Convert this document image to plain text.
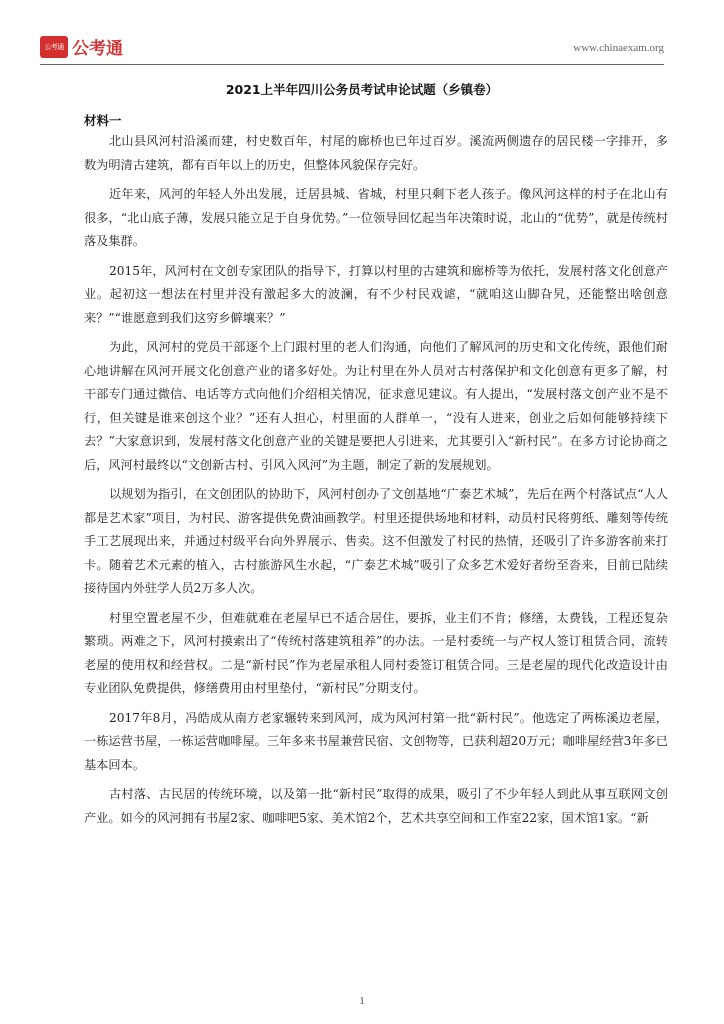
公考通 公考通	www.chinaexam.org
2021上半年四川公务员考试申论试题（乡镇卷）
材料一

北山县风河村沿溪而建，村史数百年，村尾的廊桥也已年过百岁。溪流两侧遗存的居民楼一字排开，多数为明清古建筑，都有百年以上的历史，但整体风貌保存完好。

近年来，风河的年轻人外出发展，迁居县城、省城，村里只剩下老人孩子。像风河这样的村子在北山有很多，“北山底子薄，发展只能立足于自身优势。”一位领导回忆起当年决策时说，北山的“优势”，就是传统村落及集群。

2015年，风河村在文创专家团队的指导下，打算以村里的古建筑和廊桥等为依托，发展村落文化创意产业。起初这一想法在村里并没有激起多大的波澜，有不少村民戏谑，“就咱这山脚旮旯，还能整出啥创意来？”“谁愿意到我们这穷乡僻壤来？”

为此，风河村的党员干部逐个上门跟村里的老人们沟通，向他们了解风河的历史和文化传统，跟他们耐心地讲解在风河开展文化创意产业的诸多好处。为让村里在外人员对古村落保护和文化创意有更多了解，村干部专门通过微信、电话等方式向他们介绍相关情况，征求意见建议。有人提出，“发展村落文创产业不是不行，但关键是谁来创这个业？”还有人担心，村里面的人群单一，“没有人进来，创业之后如何能够持续下去？”大家意识到，发展村落文化创意产业的关键是要把人引进来，尤其要引入“新村民”。在多方讨论协商之后，风河村最终以“文创新古村、引风入风河”为主题，制定了新的发展规划。

以规划为指引，在文创团队的协助下，风河村创办了文创基地“广泰艺术城”，先后在两个村落试点“人人都是艺术家”项目，为村民、游客提供免费油画教学。村里还提供场地和材料，动员村民将剪纸、雕刻等传统手工艺展现出来，并通过村级平台向外界展示、售卖。这不但激发了村民的热情，还吸引了许多游客前来打卡。随着艺术元素的植入，古村旅游风生水起，“广泰艺术城”吸引了众多艺术爱好者纷至沓来，目前已陆续接待国内外驻学人员2万多人次。

村里空置老屋不少，但难就难在老屋早已不适合居住，要拆，业主们不肯；修缮，太费钱，工程还复杂繁琐。两难之下，风河村摸索出了“传统村落建筑租养”的办法。一是村委统一与产权人签订租赁合同，流转老屋的使用权和经营权。二是“新村民”作为老屋承租人同村委签订租赁合同。三是老屋的现代化改造设计由专业团队免费提供，修缮费用由村里垫付，“新村民”分期支付。

2017年8月，冯皓成从南方老家辗转来到风河，成为风河村第一批“新村民”。他选定了两栋溪边老屋，一栋运营书屋，一栋运营咖啡屋。三年多来书屋兼营民宿、文创物等，已获利超20万元；咖啡屋经营3年多已基本回本。

古村落、古民居的传统环境，以及第一批“新村民”取得的成果，吸引了不少年轻人到此从事互联网文创产业。如今的风河拥有书屋2家、咖啡吧5家、美术馆2个，艺术共享空间和工作室22家，国术馆1家。“新

1
